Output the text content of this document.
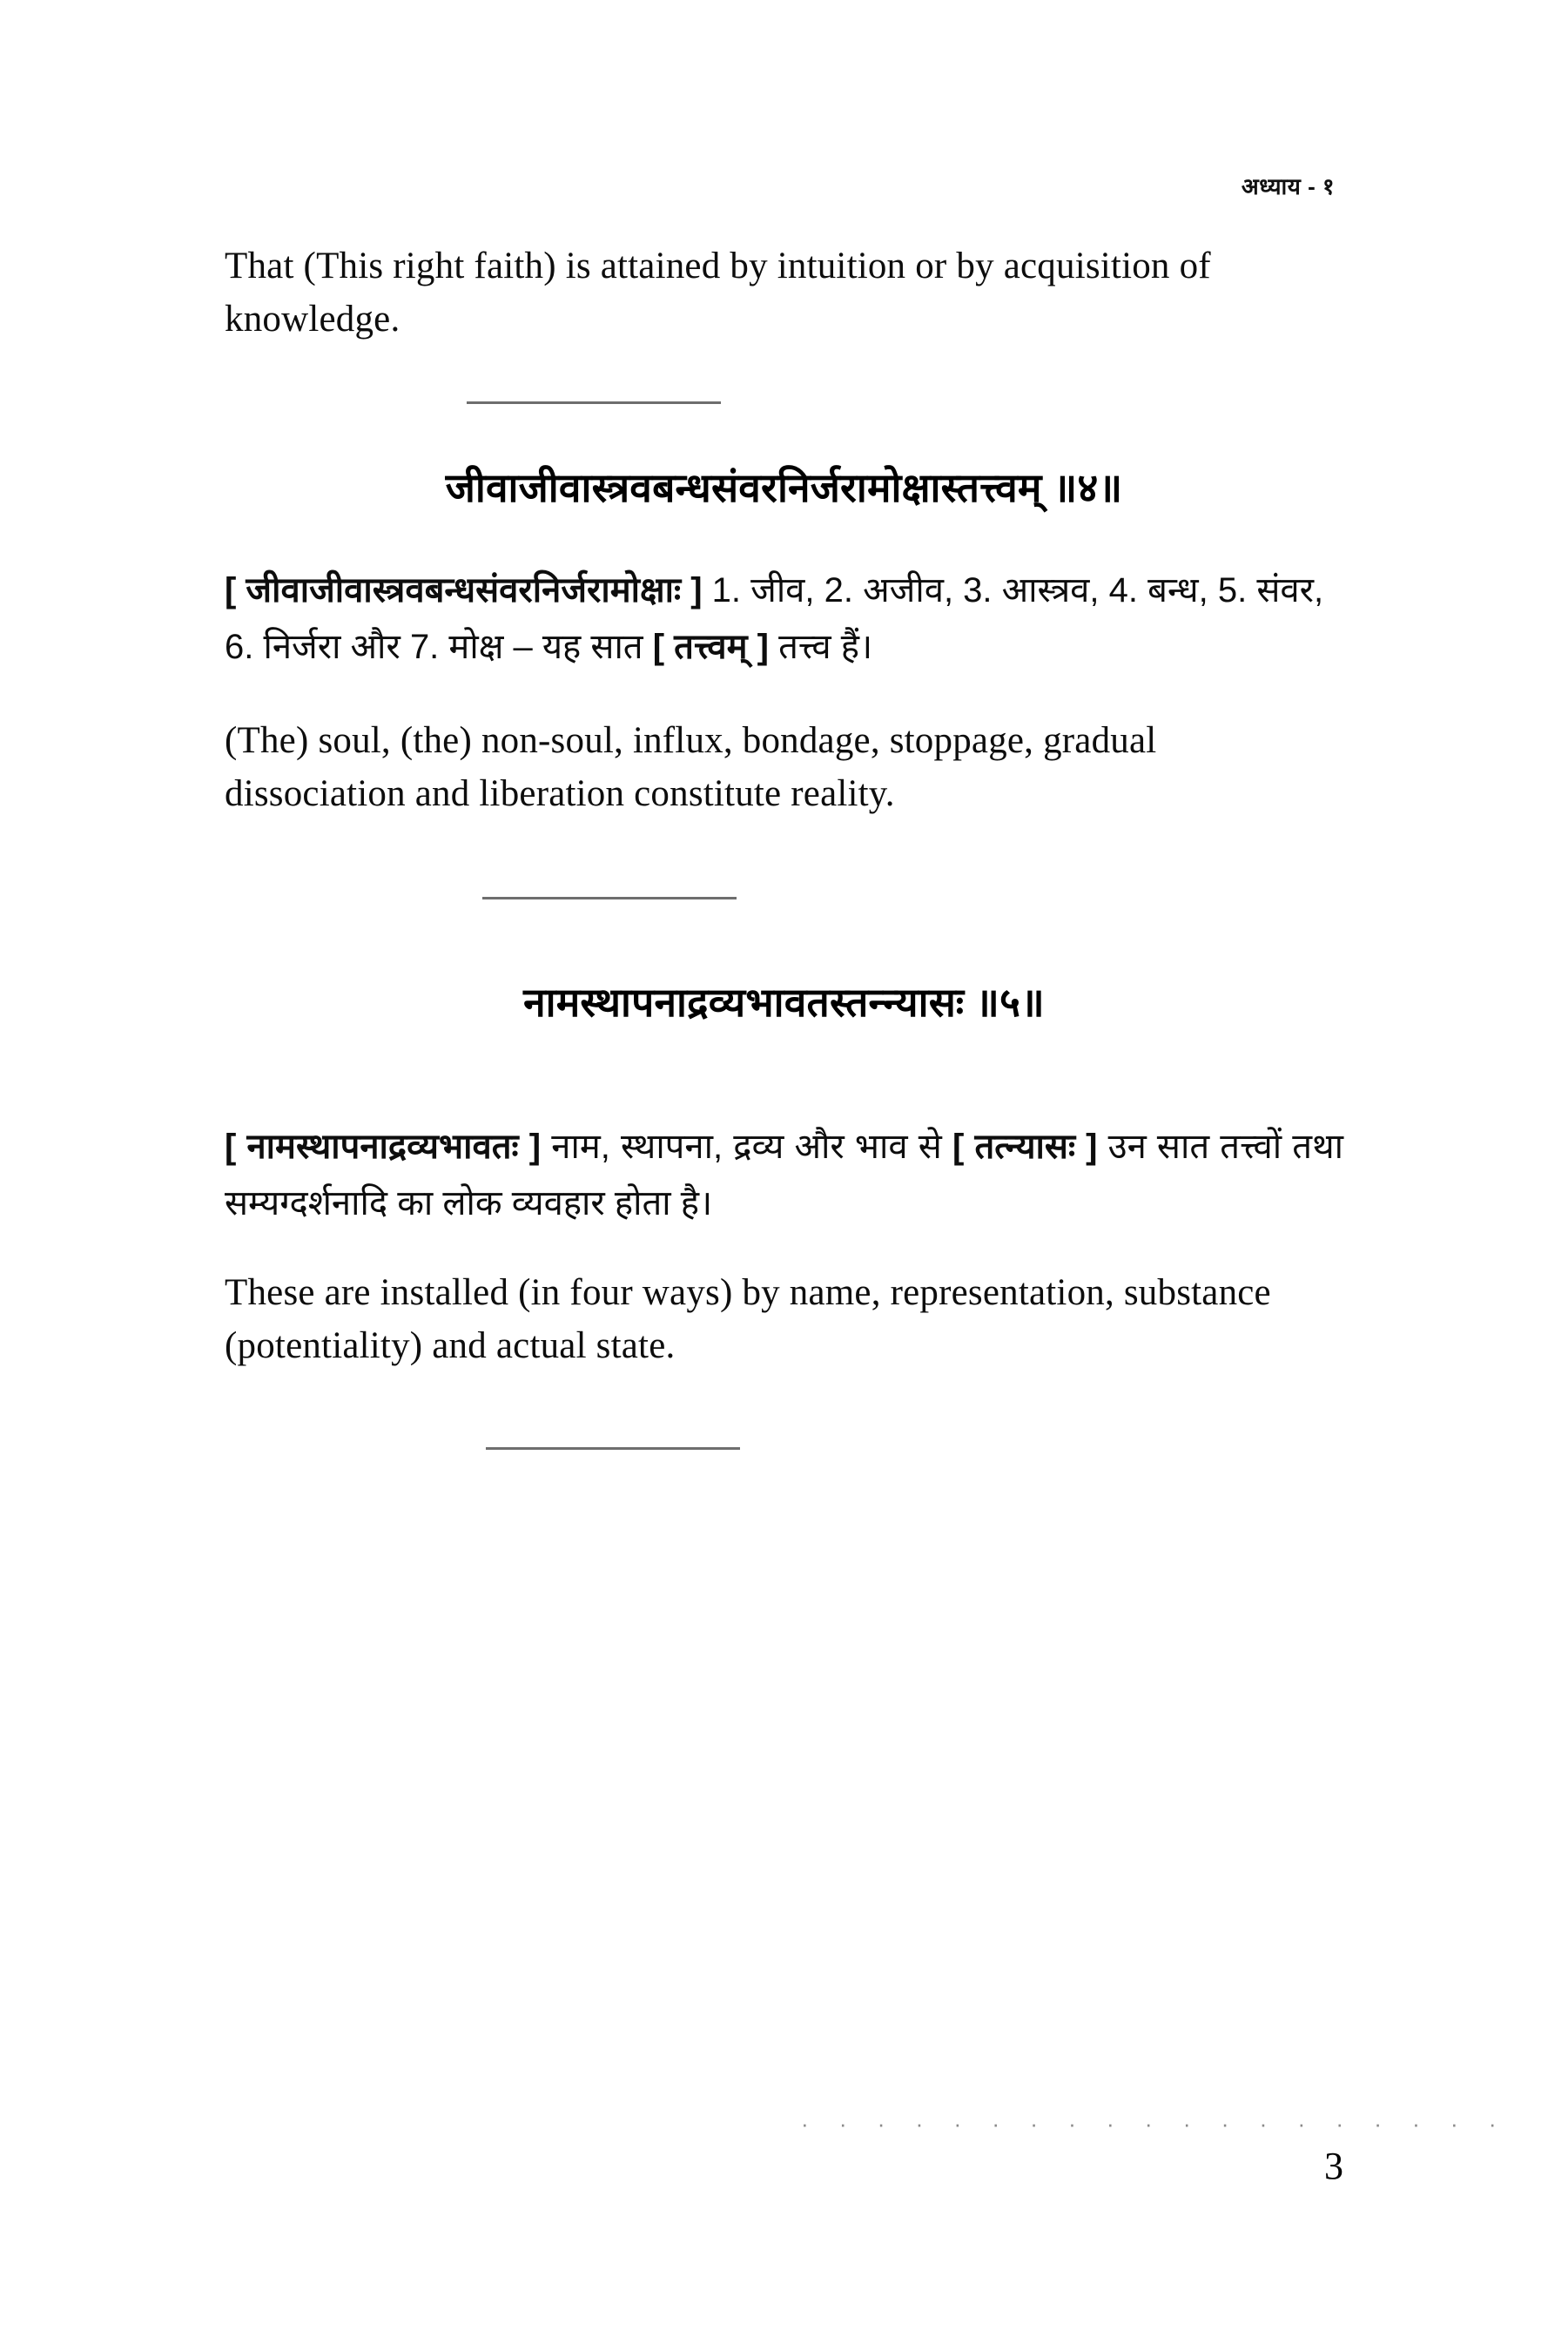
अध्याय - १

That (This right faith) is attained by intuition or by acquisition of knowledge.

जीवाजीवास्त्रवबन्धसंवरनिर्जरामोक्षास्तत्त्वम् ॥४॥

[ जीवाजीवास्त्रवबन्धसंवरनिर्जरामोक्षाः ] 1. जीव, 2. अजीव, 3. आस्त्रव, 4. बन्ध, 5. संवर, 6. निर्जरा और 7. मोक्ष – यह सात [ तत्त्वम् ] तत्त्व हैं।

(The) soul, (the) non-soul, influx, bondage, stoppage, gradual dissociation and liberation constitute reality.

नामस्थापनाद्रव्यभावतस्तन्न्यासः ॥५॥

[ नामस्थापनाद्रव्यभावतः ] नाम, स्थापना, द्रव्य और भाव से [ तत्न्यासः ] उन सात तत्त्वों तथा सम्यग्दर्शनादि का लोक व्यवहार होता है।

These are installed (in four ways) by name, representation, substance (potentiality) and actual state.

· · · · · · · · · · · · · · · · · · ·
3
